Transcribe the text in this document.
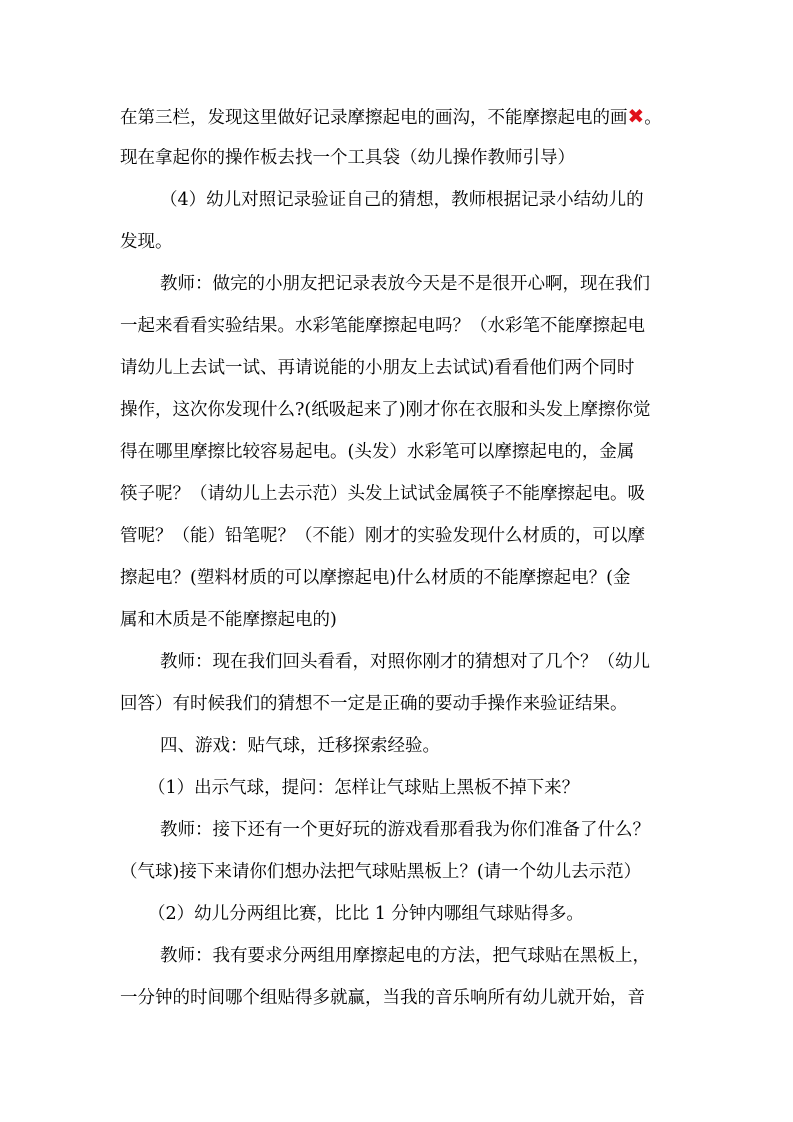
在第三栏，发现这里做好记录摩擦起电的画沟，不能摩擦起电的画✖。
现在拿起你的操作板去找一个工具袋（幼儿操作教师引导）
（4）幼儿对照记录验证自己的猜想，教师根据记录小结幼儿的
发现。
教师：做完的小朋友把记录表放今天是不是很开心啊，现在我们
一起来看看实验结果。水彩笔能摩擦起电吗？（水彩笔不能摩擦起电
请幼儿上去试一试、再请说能的小朋友上去试试)看看他们两个同时
操作，这次你发现什么?(纸吸起来了)刚才你在衣服和头发上摩擦你觉
得在哪里摩擦比较容易起电。(头发）水彩笔可以摩擦起电的，金属
筷子呢？（请幼儿上去示范）头发上试试金属筷子不能摩擦起电。吸
管呢？（能）铅笔呢？（不能）刚才的实验发现什么材质的，可以摩
擦起电？(塑料材质的可以摩擦起电)什么材质的不能摩擦起电？(金
属和木质是不能摩擦起电的)
教师：现在我们回头看看，对照你刚才的猜想对了几个？（幼儿
回答）有时候我们的猜想不一定是正确的要动手操作来验证结果。
四、游戏：贴气球，迁移探索经验。
（1）出示气球，提问：怎样让气球贴上黑板不掉下来？
教师：接下还有一个更好玩的游戏看那看我为你们准备了什么？
（气球)接下来请你们想办法把气球贴黑板上？(请一个幼儿去示范）
（2）幼儿分两组比赛，比比 1 分钟内哪组气球贴得多。
教师：我有要求分两组用摩擦起电的方法，把气球贴在黑板上，
一分钟的时间哪个组贴得多就赢，当我的音乐响所有幼儿就开始，音
